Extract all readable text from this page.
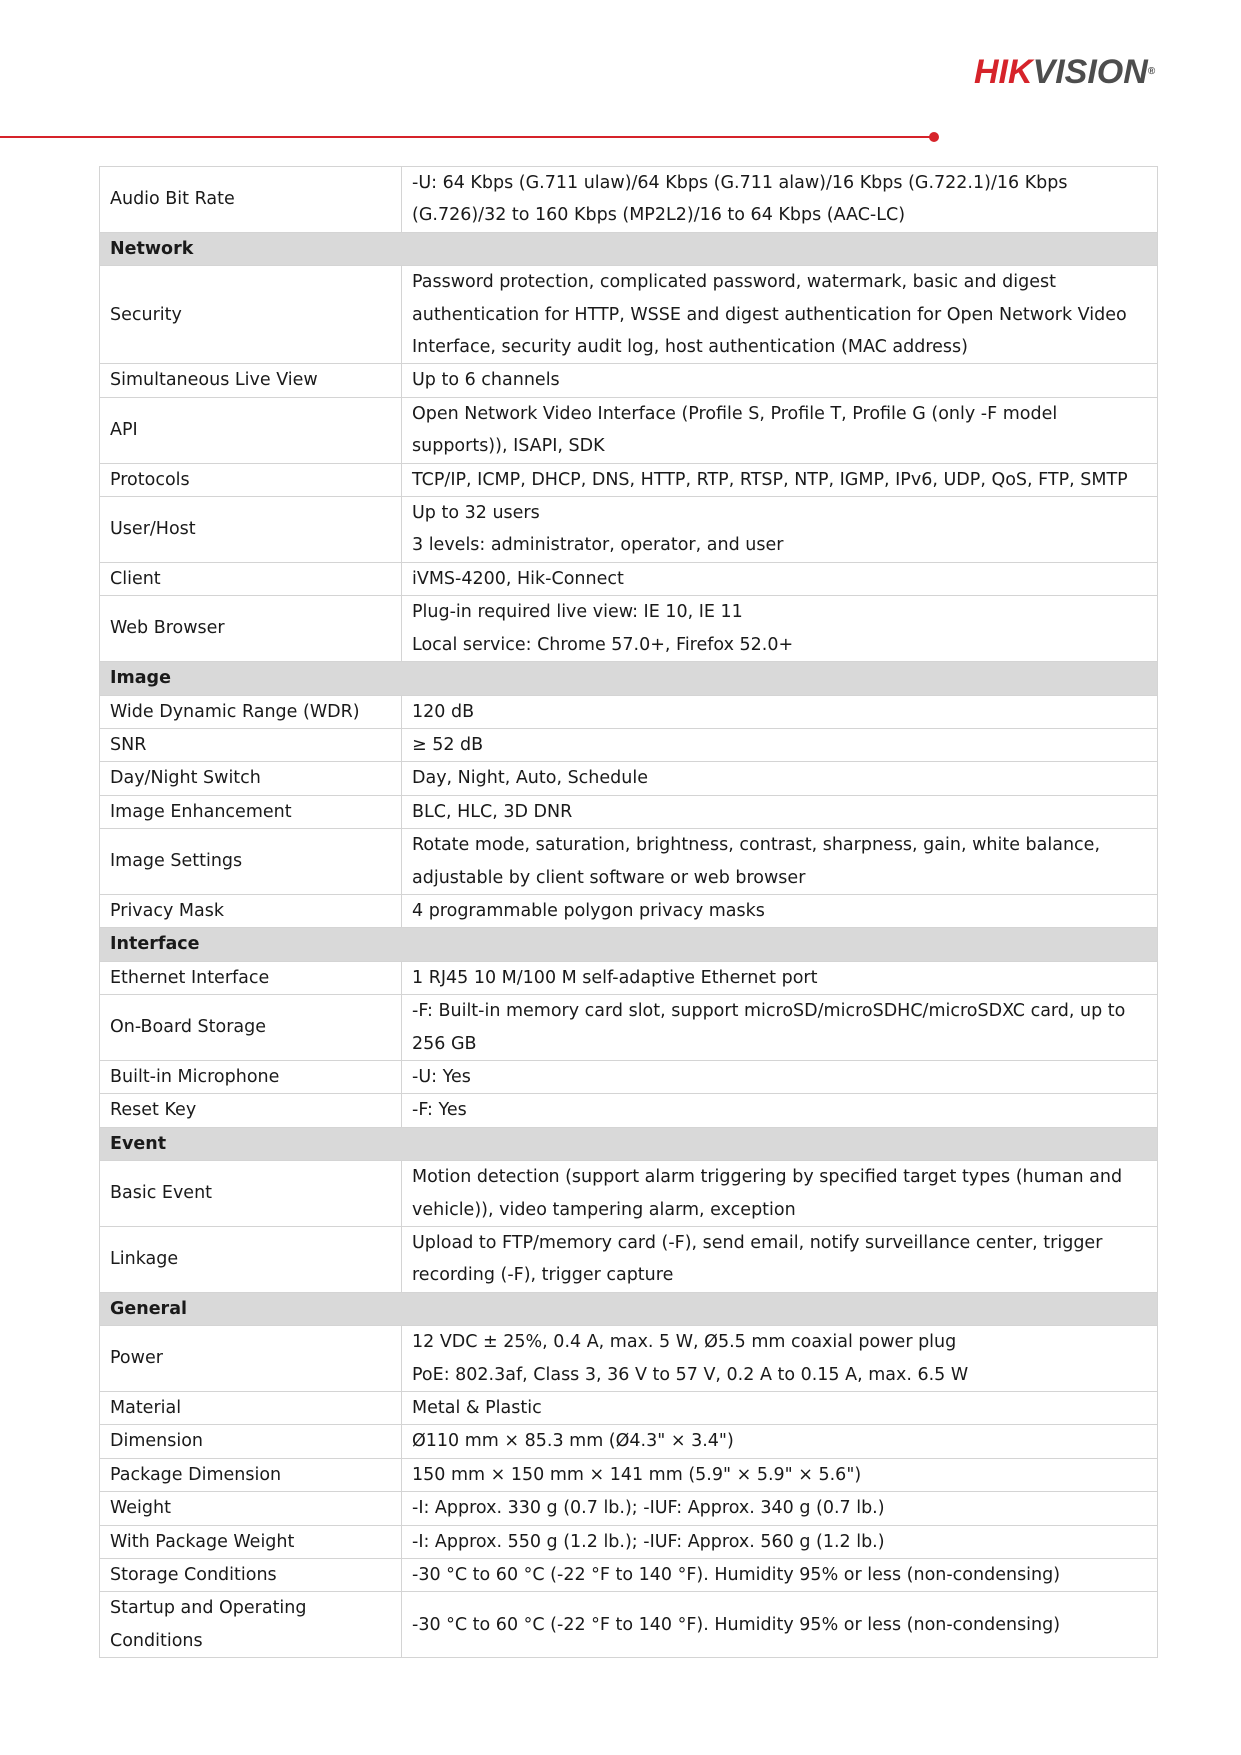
HIKVISION®
Audio Bit Rate	-U: 64 Kbps (G.711 ulaw)/64 Kbps (G.711 alaw)/16 Kbps (G.722.1)/16 Kbps (G.726)/32 to 160 Kbps (MP2L2)/16 to 64 Kbps (AAC-LC)

Network	
Security	Password protection, complicated password, watermark, basic and digest authentication for HTTP, WSSE and digest authentication for Open Network Video Interface, security audit log, host authentication (MAC address)

Simultaneous Live View	Up to 6 channels

API	Open Network Video Interface (Profile S, Profile T, Profile G (only -F model supports)), ISAPI, SDK

Protocols	TCP/IP, ICMP, DHCP, DNS, HTTP, RTP, RTSP, NTP, IGMP, IPv6, UDP, QoS, FTP, SMTP

User/Host	Up to 32 users
3 levels: administrator, operator, and user

Client	iVMS-4200, Hik-Connect

Web Browser	Plug-in required live view: IE 10, IE 11
Local service: Chrome 57.0+, Firefox 52.0+

Image	
Wide Dynamic Range (WDR)	120 dB

SNR	≥ 52 dB

Day/Night Switch	Day, Night, Auto, Schedule

Image Enhancement	BLC, HLC, 3D DNR

Image Settings	Rotate mode, saturation, brightness, contrast, sharpness, gain, white balance, adjustable by client software or web browser

Privacy Mask	4 programmable polygon privacy masks

Interface	
Ethernet Interface	1 RJ45 10 M/100 M self-adaptive Ethernet port

On-Board Storage	-F: Built-in memory card slot, support microSD/microSDHC/microSDXC card, up to 256 GB

Built-in Microphone	-U: Yes

Reset Key	-F: Yes

Event	
Basic Event	Motion detection (support alarm triggering by specified target types (human and vehicle)), video tampering alarm, exception

Linkage	Upload to FTP/memory card (-F), send email, notify surveillance center, trigger recording (-F), trigger capture

General	
Power	12 VDC ± 25%, 0.4 A, max. 5 W, Ø5.5 mm coaxial power plug
PoE: 802.3af, Class 3, 36 V to 57 V, 0.2 A to 0.15 A, max. 6.5 W

Material	Metal & Plastic

Dimension	Ø110 mm × 85.3 mm (Ø4.3" × 3.4")

Package Dimension	150 mm × 150 mm × 141 mm (5.9" × 5.9" × 5.6")

Weight	-I: Approx. 330 g (0.7 lb.); -IUF: Approx. 340 g (0.7 lb.)

With Package Weight	-I: Approx. 550 g (1.2 lb.); -IUF: Approx. 560 g (1.2 lb.)

Storage Conditions	-30 °C to 60 °C (-22 °F to 140 °F). Humidity 95% or less (non-condensing)

Startup and Operating Conditions	-30 °C to 60 °C (-22 °F to 140 °F). Humidity 95% or less (non-condensing)
